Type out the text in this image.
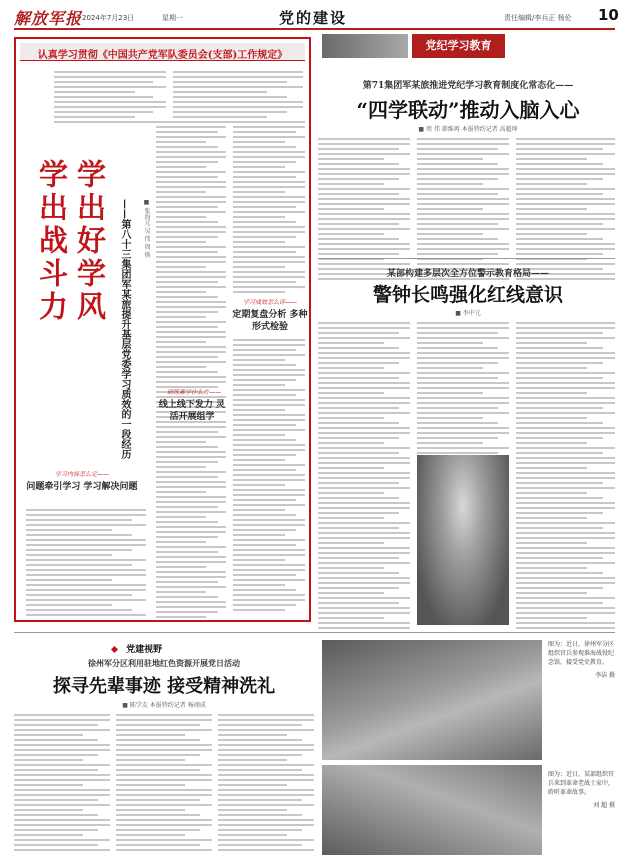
解放军报 2024年7月23日	星期一	党的建设	责任编辑/李兵正 杨伦 10
认真学习贯彻《中国共产党军队委员会(支部)工作规定》
学出好学风
学出战斗力	——第八十三集团军某旅提升基层党委学习质效的一段经历	■ 张海元 吴 伟 周 焕
学习成效怎么评——
定期复盘分析 多种形式检验
研练素学什么方——
线上线下发力 灵活开展组学
学习内容怎么定——
问题牵引学习 学习解决问题
党纪学习教育
第71集团军某旅推进党纪学习教育制度化常态化——
“四学联动”推动入脑入心
■ 周 伟 韩维再 本报特约记者 高超坤
某部构建多层次全方位警示教育格局——
警钟长鸣强化红线意识
■ 李中元
党建视野
徐州军分区利用驻地红色资源开展党日活动
探寻先辈事迹 接受精神洗礼
■ 陈学友 本报特约记者 杨翊成
图为：近日，徐州军分区组织官兵参观淮海战役纪念馆，接受党史教育。
李洁 摄
图为：近日，某部组织官兵来到革命老战士家中，聆听革命故事。
刘 超 摄
